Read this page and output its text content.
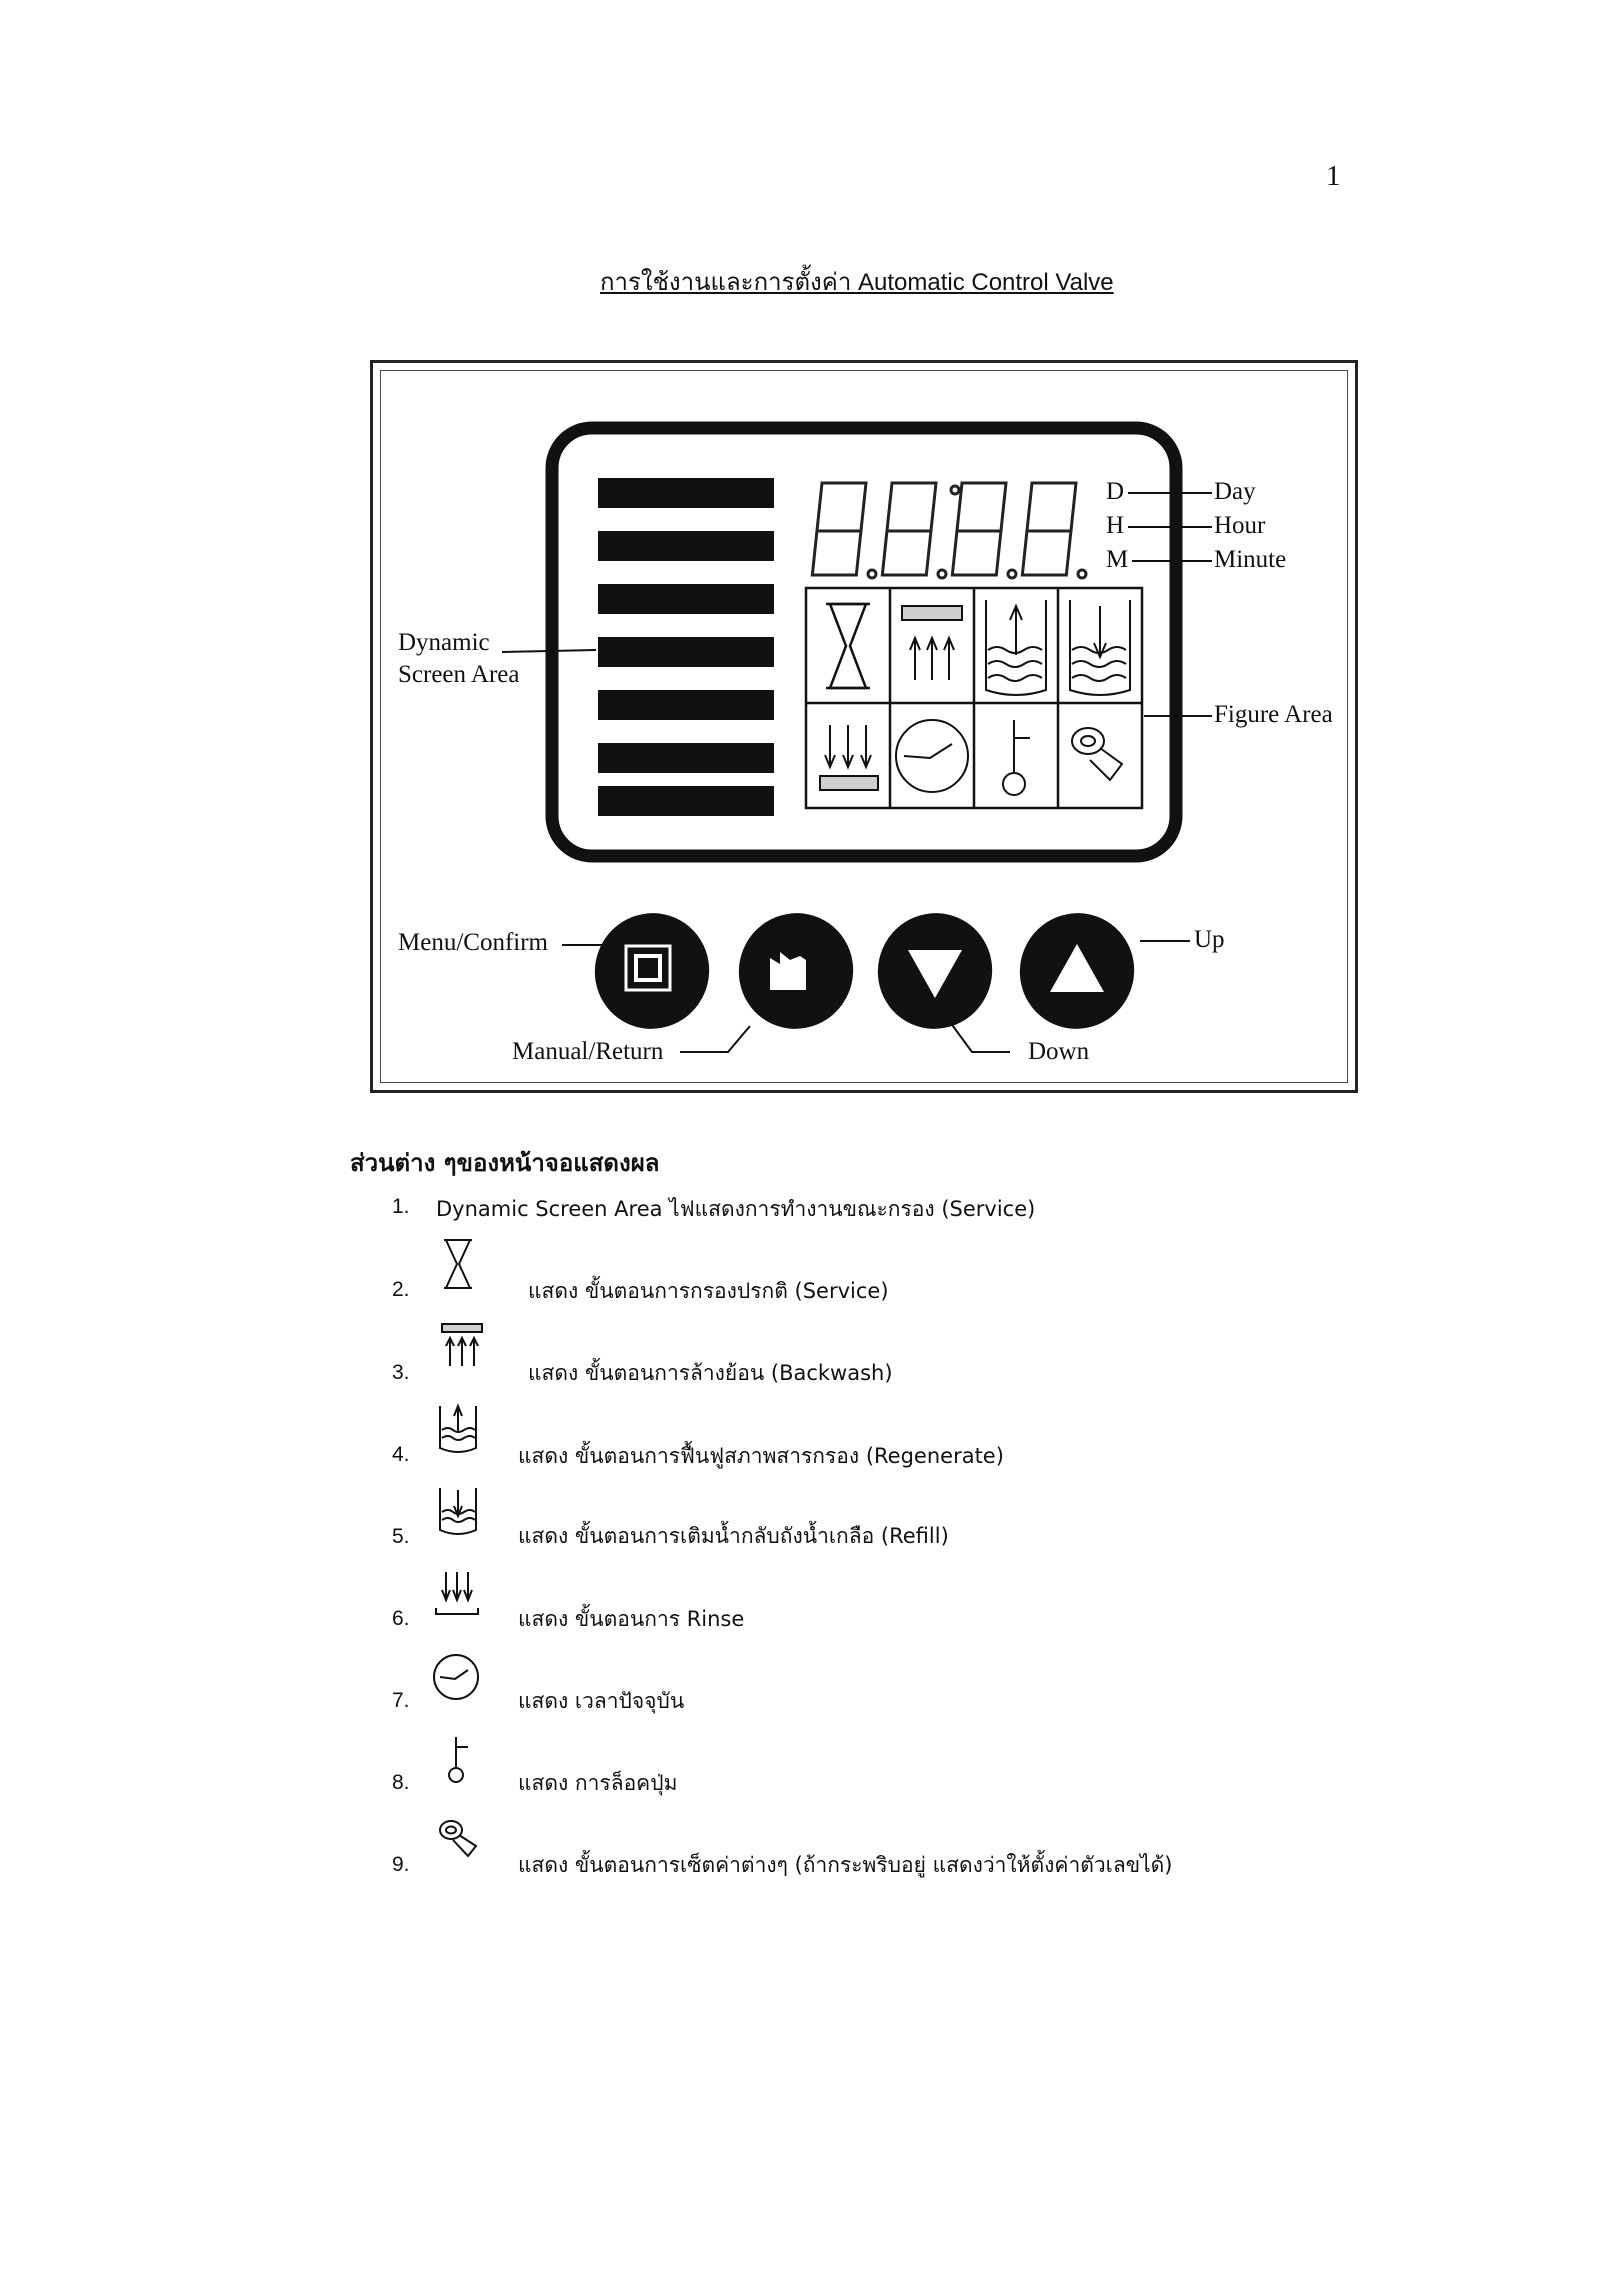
1
การใช้งานและการตั้งค่า Automatic Control Valve
D
H
M
Day
Hour
Minute
Dynamic
Screen Area
Figure Area
Menu/Confirm
Manual/Return	Down
Up
ส่วนต่าง ๆของหน้าจอแสดงผล
1. Dynamic Screen Area ไฟแสดงการทำงานขณะกรอง (Service)
2.	แสดง ขั้นตอนการกรองปรกติ (Service)
3.	แสดง ขั้นตอนการล้างย้อน (Backwash)
4.	แสดง ขั้นตอนการฟื้นฟูสภาพสารกรอง (Regenerate)
5.	แสดง ขั้นตอนการเติมน้ำกลับถังน้ำเกลือ (Refill)
6.	แสดง ขั้นตอนการ Rinse
7.	แสดง เวลาปัจจุบัน
8.	แสดง การล็อคปุ่ม
9.	แสดง ขั้นตอนการเซ็ตค่าต่างๆ (ถ้ากระพริบอยู่ แสดงว่าให้ตั้งค่าตัวเลขได้)
